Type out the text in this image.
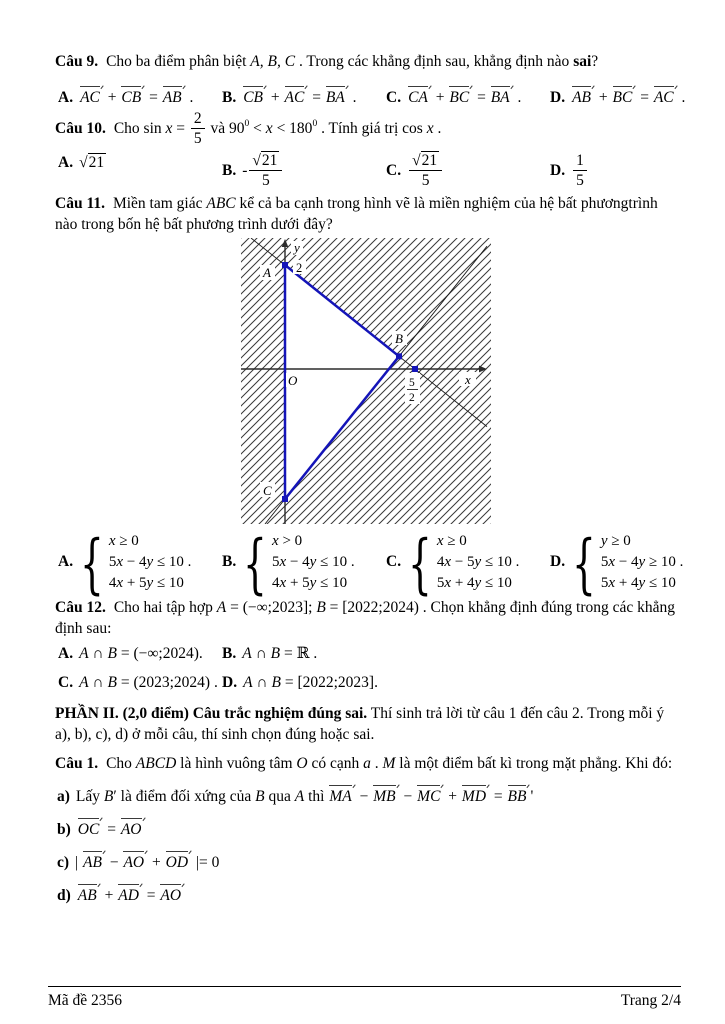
Câu 9. Cho ba điểm phân biệt A, B, C . Trong các khẳng định sau, khẳng định nào sai?

A. AC + CB = AB .	B. CB + AC = BA .	C. CA + BC = BA .	D. AB + BC = AC .

Câu 10. Cho $\sin x = \frac{2}{5}$ và $90^0 < x < 180^0$ . Tính giá trị cos x .

A. √21	B. - $\frac{√21}{5}$	C. $\frac{√21}{5}$	D. $\frac{1}{5}$

Câu 11. Miền tam giác ABC kể cả ba cạnh trong hình vẽ là miền nghiệm của hệ bất phươngtrình nào trong bốn hệ bất phương trình dưới đây?

y
A 2
B
O	x
5
2
C
A. { x ≥ 0
5x − 4y ≤ 10 .
4x + 5y ≤ 10
B. { x > 0
5x − 4y ≤ 10 .
4x + 5y ≤ 10
C. { x ≥ 0
4x − 5y ≤ 10 .
5x + 4y ≤ 10
D. { y ≥ 0
5x − 4y ≥ 10 .
5x + 4y ≤ 10

Câu 12. Cho hai tập hợp A = (−∞;2023]; B = [2022;2024) . Chọn khẳng định đúng trong các khẳng định sau:

A. A ∩ B = (−∞;2024).	B. A ∩ B = ℝ .
C. A ∩ B = (2023;2024) . D. A ∩ B = [2022;2023].

PHẦN II. (2,0 điểm) Câu trắc nghiệm đúng sai. Thí sinh trả lời từ câu 1 đến câu 2. Trong mỗi ý a), b), c), d) ở mỗi câu, thí sinh chọn đúng hoặc sai.

Câu 1. Cho ABCD là hình vuông tâm O có cạnh a . M là một điểm bất kì trong mặt phẳng. Khi đó:

a) Lấy B′ là điểm đối xứng của B qua A thì MA − MB − MC + MD = BB '

b) OC = AO

c) | AB − AO + OD |= 0

d) AB + AD = AO

Mã đề 2356	Trang 2/4
